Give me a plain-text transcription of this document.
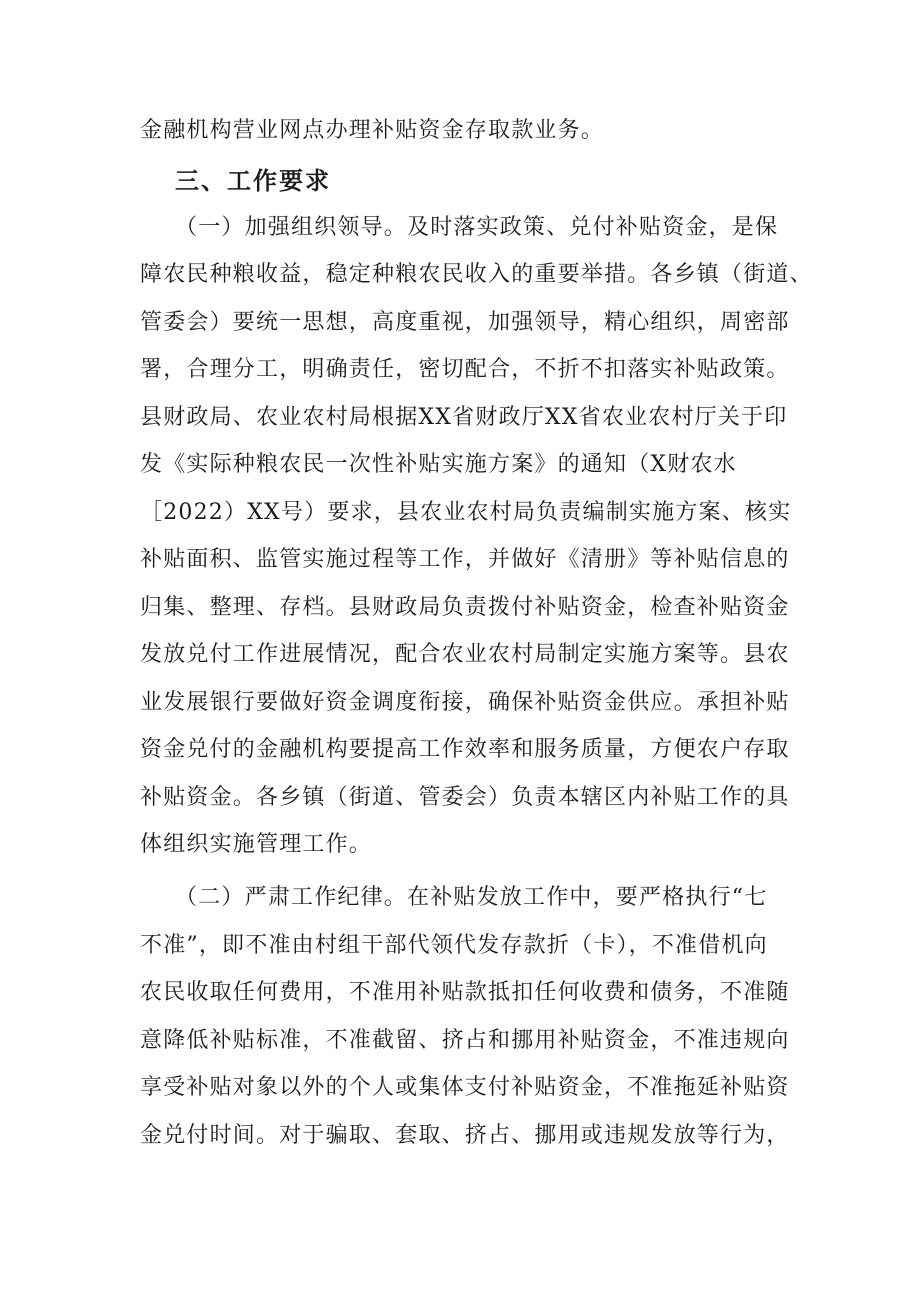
金融机构营业网点办理补贴资金存取款业务。
三、工作要求
（一）加强组织领导。及时落实政策、兑付补贴资金，是保
障农民种粮收益，稳定种粮农民收入的重要举措。各乡镇（街道、
管委会）要统一思想，高度重视，加强领导，精心组织，周密部
署，合理分工，明确责任，密切配合，不折不扣落实补贴政策。
县财政局、农业农村局根据XX省财政厅XX省农业农村厅关于印
发《实际种粮农民一次性补贴实施方案》的通知（X财农水
［2022）XX号）要求，县农业农村局负责编制实施方案、核实
补贴面积、监管实施过程等工作，并做好《清册》等补贴信息的
归集、整理、存档。县财政局负责拨付补贴资金，检查补贴资金
发放兑付工作进展情况，配合农业农村局制定实施方案等。县农
业发展银行要做好资金调度衔接，确保补贴资金供应。承担补贴
资金兑付的金融机构要提高工作效率和服务质量，方便农户存取
补贴资金。各乡镇（街道、管委会）负责本辖区内补贴工作的具
体组织实施管理工作。
（二）严肃工作纪律。在补贴发放工作中，要严格执行“七
不准”，即不准由村组干部代领代发存款折（卡），不准借机向
农民收取任何费用，不准用补贴款抵扣任何收费和债务，不准随
意降低补贴标准，不准截留、挤占和挪用补贴资金，不准违规向
享受补贴对象以外的个人或集体支付补贴资金，不准拖延补贴资
金兑付时间。对于骗取、套取、挤占、挪用或违规发放等行为，
